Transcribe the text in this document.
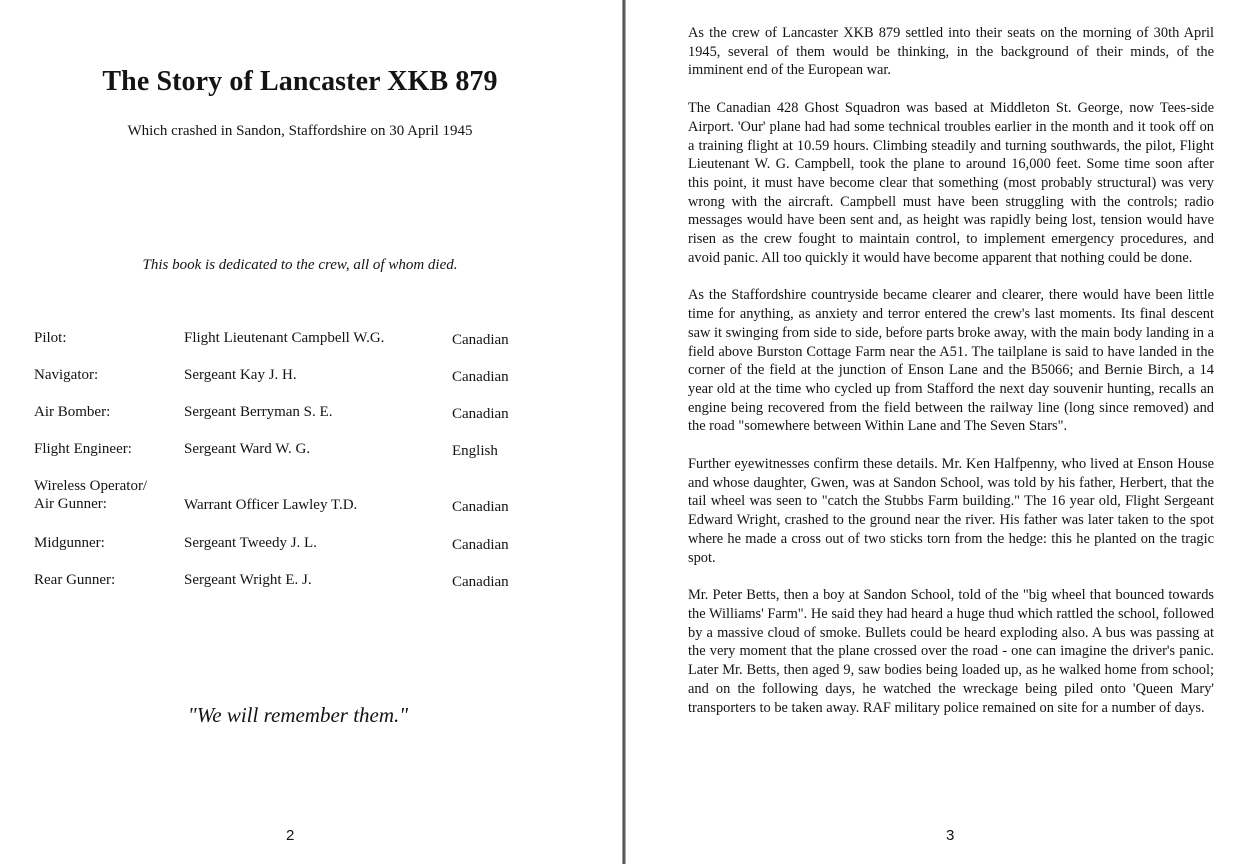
The Story of Lancaster XKB 879
Which crashed in Sandon, Staffordshire on 30 April 1945
This book is dedicated to the crew, all of whom died.
Pilot:	Flight Lieutenant Campbell W.G.	Canadian
Navigator:	Sergeant Kay J. H.	Canadian
Air Bomber:	Sergeant Berryman S. E.	Canadian
Flight Engineer:	Sergeant Ward W. G.	English
Wireless Operator/
Air Gunner:	Warrant Officer Lawley T.D.	Canadian
Midgunner:	Sergeant Tweedy J. L.	Canadian
Rear Gunner:	Sergeant Wright E. J.	Canadian
"We will remember them."
2

As the crew of Lancaster XKB 879 settled into their seats on the morning of 30th April 1945, several of them would be thinking, in the background of their minds, of the imminent end of the European war.

The Canadian 428 Ghost Squadron was based at Middleton St. George, now Tees-side Airport. 'Our' plane had had some technical troubles earlier in the month and it took off on a training flight at 10.59 hours. Climbing steadily and turning southwards, the pilot, Flight Lieutenant W. G. Campbell, took the plane to around 16,000 feet. Some time soon after this point, it must have become clear that something (most probably structural) was very wrong with the aircraft. Campbell must have been struggling with the controls; radio messages would have been sent and, as height was rapidly being lost, tension would have risen as the crew fought to maintain control, to implement emergency procedures, and avoid panic. All too quickly it would have become apparent that nothing could be done.

As the Staffordshire countryside became clearer and clearer, there would have been little time for anything, as anxiety and terror entered the crew's last moments. Its final descent saw it swinging from side to side, before parts broke away, with the main body landing in a field above Burston Cottage Farm near the A51. The tailplane is said to have landed in the corner of the field at the junction of Enson Lane and the B5066; and Bernie Birch, a 14 year old at the time who cycled up from Stafford the next day souvenir hunting, recalls an engine being recovered from the field between the railway line (long since removed) and the road "somewhere between Within Lane and The Seven Stars".

Further eyewitnesses confirm these details. Mr. Ken Halfpenny, who lived at Enson House and whose daughter, Gwen, was at Sandon School, was told by his father, Herbert, that the tail wheel was seen to "catch the Stubbs Farm building." The 16 year old, Flight Sergeant Edward Wright, crashed to the ground near the river. His father was later taken to the spot where he made a cross out of two sticks torn from the hedge: this he planted on the tragic spot.

Mr. Peter Betts, then a boy at Sandon School, told of the "big wheel that bounced towards the Williams' Farm". He said they had heard a huge thud which rattled the school, followed by a massive cloud of smoke. Bullets could be heard exploding also. A bus was passing at the very moment that the plane crossed over the road - one can imagine the driver's panic. Later Mr. Betts, then aged 9, saw bodies being loaded up, as he walked home from school; and on the following days, he watched the wreckage being piled onto 'Queen Mary' transporters to be taken away. RAF military police remained on site for a number of days.

3
